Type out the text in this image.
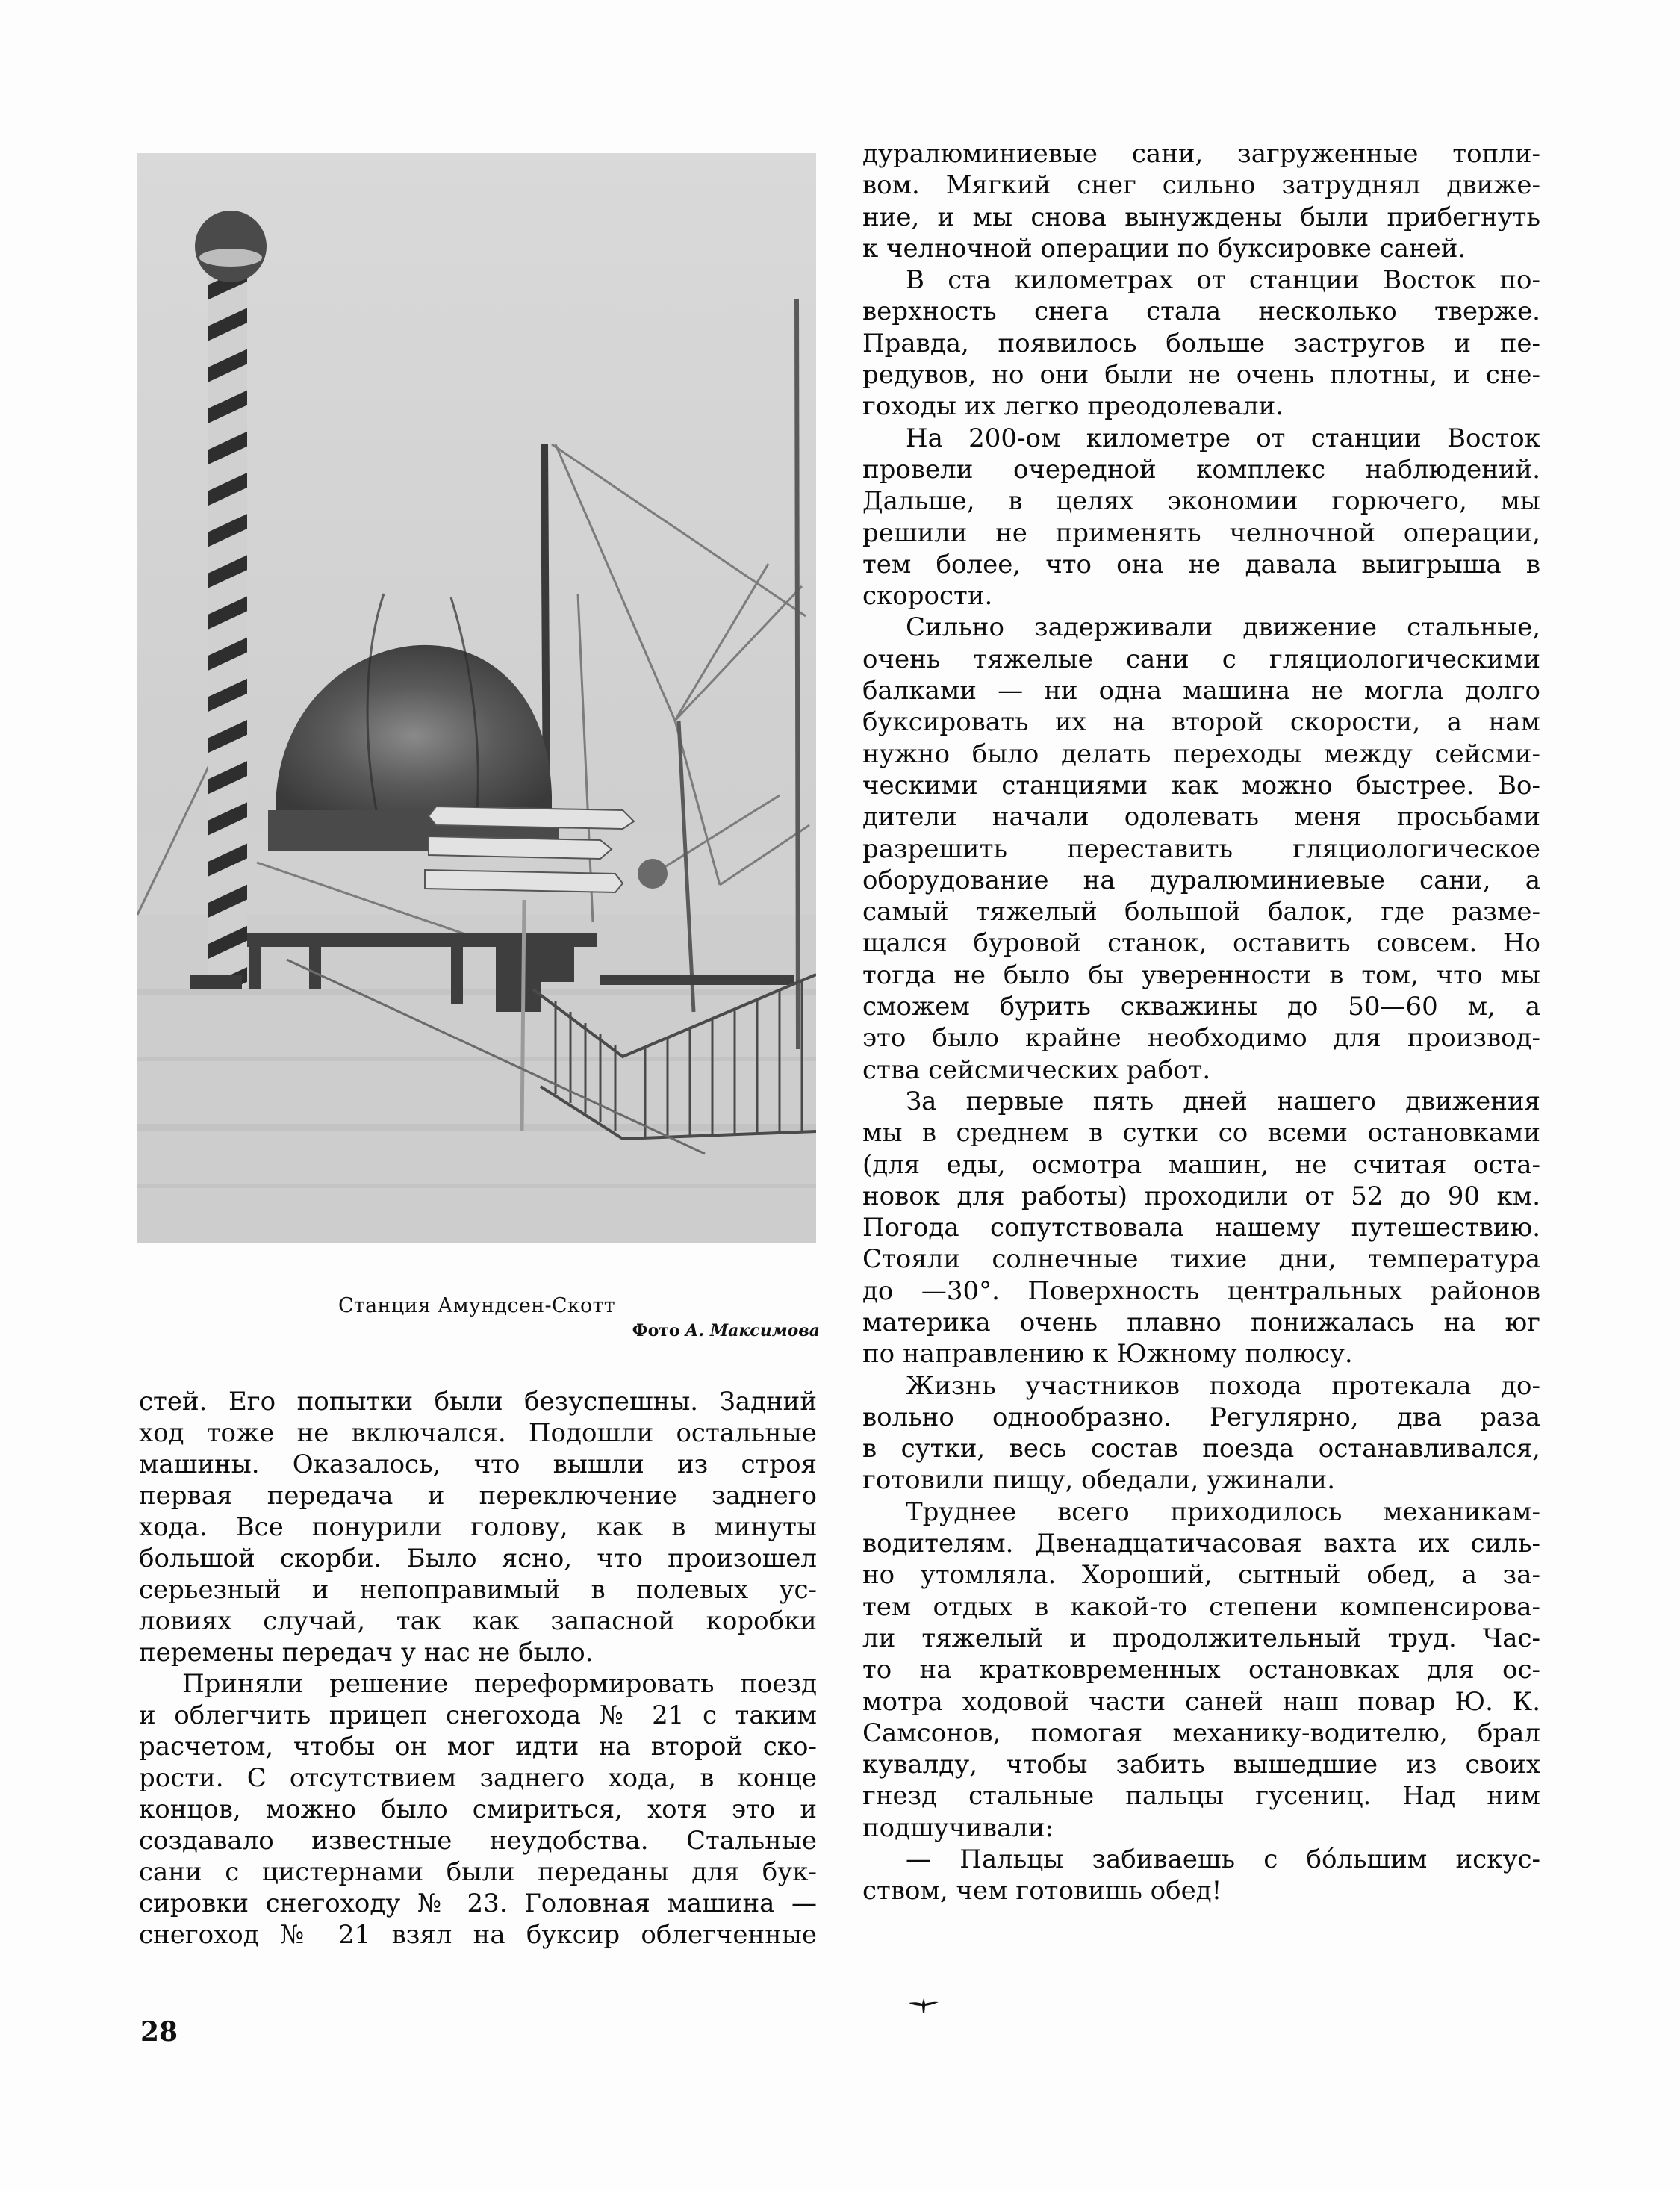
Станция Амундсен-Скотт
Фото А. Максимова
стей. Его попытки были безуспешны. Задний
ход тоже не включался. Подошли остальные
машины. Оказалось, что вышли из строя
первая передача и переключение заднего
хода. Все понурили голову, как в минуты
большой скорби. Было ясно, что произошел
серьезный и непоправимый в полевых ус-
ловиях случай, так как запасной коробки
перемены передач у нас не было.
Приняли решение переформировать поезд
и облегчить прицеп снегохода № 21 с таким
расчетом, чтобы он мог идти на второй ско-
рости. С отсутствием заднего хода, в конце
концов, можно было смириться, хотя это и
создавало известные неудобства. Стальные
сани с цистернами были переданы для бук-
сировки снегоходу № 23. Головная машина —
снегоход № 21 взял на буксир облегченные
дуралюминиевые сани, загруженные топли-
вом. Мягкий снег сильно затруднял движе-
ние, и мы снова вынуждены были прибегнуть
к челночной операции по буксировке саней.
В ста километрах от станции Восток по-
верхность снега стала несколько тверже.
Правда, появилось больше застругов и пе-
редувов, но они были не очень плотны, и сне-
гоходы их легко преодолевали.
На 200-ом километре от станции Восток
провели очередной комплекс наблюдений.
Дальше, в целях экономии горючего, мы
решили не применять челночной операции,
тем более, что она не давала выигрыша в
скорости.
Сильно задерживали движение стальные,
очень тяжелые сани с гляциологическими
балками — ни одна машина не могла долго
буксировать их на второй скорости, а нам
нужно было делать переходы между сейсми-
ческими станциями как можно быстрее. Во-
дители начали одолевать меня просьбами
разрешить переставить гляциологическое
оборудование на дуралюминиевые сани, а
самый тяжелый большой балок, где разме-
щался буровой станок, оставить совсем. Но
тогда не было бы уверенности в том, что мы
сможем бурить скважины до 50—60 м, а
это было крайне необходимо для производ-
ства сейсмических работ.
За первые пять дней нашего движения
мы в среднем в сутки со всеми остановками
(для еды, осмотра машин, не считая оста-
новок для работы) проходили от 52 до 90 км.
Погода сопутствовала нашему путешествию.
Стояли солнечные тихие дни, температура
до —30°. Поверхность центральных районов
материка очень плавно понижалась на юг
по направлению к Южному полюсу.
Жизнь участников похода протекала до-
вольно однообразно. Регулярно, два раза
в сутки, весь состав поезда останавливался,
готовили пищу, обедали, ужинали.
Труднее всего приходилось механикам-
водителям. Двенадцатичасовая вахта их силь-
но утомляла. Хороший, сытный обед, а за-
тем отдых в какой-то степени компенсирова-
ли тяжелый и продолжительный труд. Час-
то на кратковременных остановках для ос-
мотра ходовой части саней наш повар Ю. К.
Самсонов, помогая механику-водителю, брал
кувалду, чтобы забить вышедшие из своих
гнезд стальные пальцы гусениц. Над ним
подшучивали:
— Пальцы забиваешь с бóльшим искус-
ством, чем готовишь обед!
28
